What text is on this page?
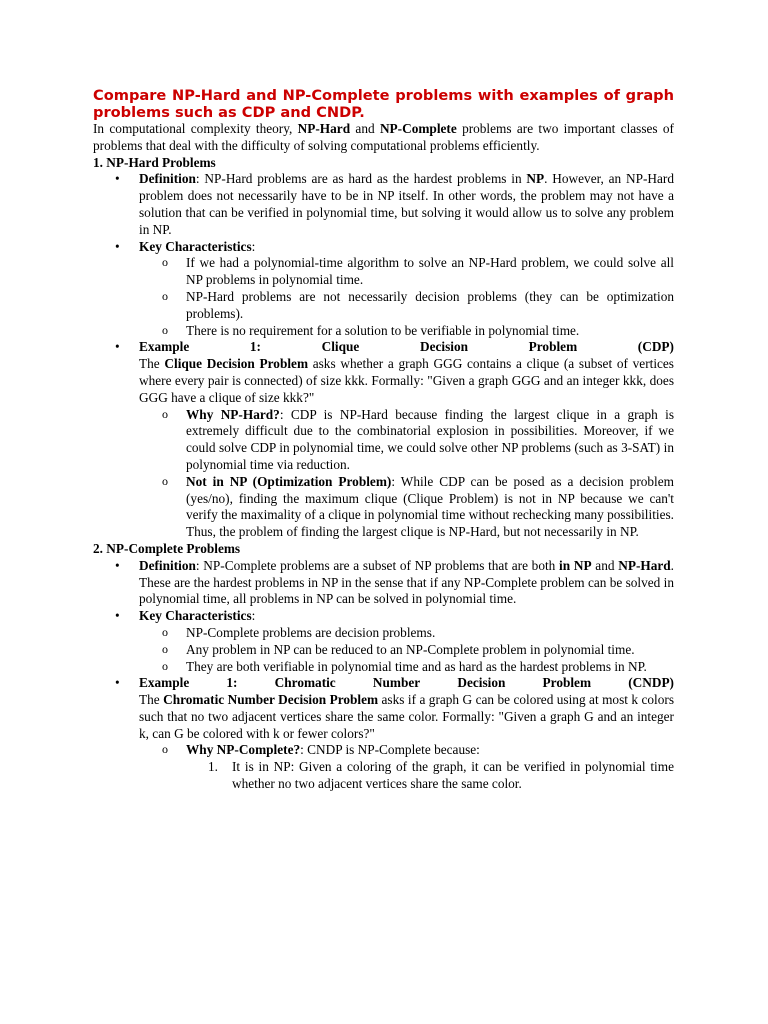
Compare NP-Hard and NP-Complete problems with examples of graph problems such as CDP and CNDP.

In computational complexity theory, NP-Hard and NP-Complete problems are two important classes of problems that deal with the difficulty of solving computational problems efficiently.

1. NP-Hard Problems

• Definition: NP-Hard problems are as hard as the hardest problems in NP. However, an NP-Hard problem does not necessarily have to be in NP itself. In other words, the problem may not have a solution that can be verified in polynomial time, but solving it would allow us to solve any problem in NP.
• Key Characteristics:
o If we had a polynomial-time algorithm to solve an NP-Hard problem, we could solve all NP problems in polynomial time.
o NP-Hard problems are not necessarily decision problems (they can be optimization problems).
o There is no requirement for a solution to be verifiable in polynomial time.
• Example	1:	Clique	Decision	Problem	(CDP)
The Clique Decision Problem asks whether a graph GGG contains a clique (a subset of vertices where every pair is connected) of size kkk. Formally: "Given a graph GGG and an integer kkk, does GGG have a clique of size kkk?"
o Why NP-Hard?: CDP is NP-Hard because finding the largest clique in a graph is extremely difficult due to the combinatorial explosion in possibilities. Moreover, if we could solve CDP in polynomial time, we could solve other NP problems (such as 3-SAT) in polynomial time via reduction.
o Not in NP (Optimization Problem): While CDP can be posed as a decision problem (yes/no), finding the maximum clique (Clique Problem) is not in NP because we can't verify the maximality of a clique in polynomial time without rechecking many possibilities. Thus, the problem of finding the largest clique is NP-Hard, but not necessarily in NP.

2. NP-Complete Problems

• Definition: NP-Complete problems are a subset of NP problems that are both in NP and NP-Hard. These are the hardest problems in NP in the sense that if any NP-Complete problem can be solved in polynomial time, all problems in NP can be solved in polynomial time.
• Key Characteristics:
o NP-Complete problems are decision problems.
o Any problem in NP can be reduced to an NP-Complete problem in polynomial time.
o They are both verifiable in polynomial time and as hard as the hardest problems in NP.
• Example	1:	Chromatic	Number	Decision	Problem	(CNDP)
The Chromatic Number Decision Problem asks if a graph G can be colored using at most k colors such that no two adjacent vertices share the same color. Formally: "Given a graph G and an integer k, can G be colored with k or fewer colors?"
o Why NP-Complete?: CNDP is NP-Complete because:
1. It is in NP: Given a coloring of the graph, it can be verified in polynomial time whether no two adjacent vertices share the same color.
